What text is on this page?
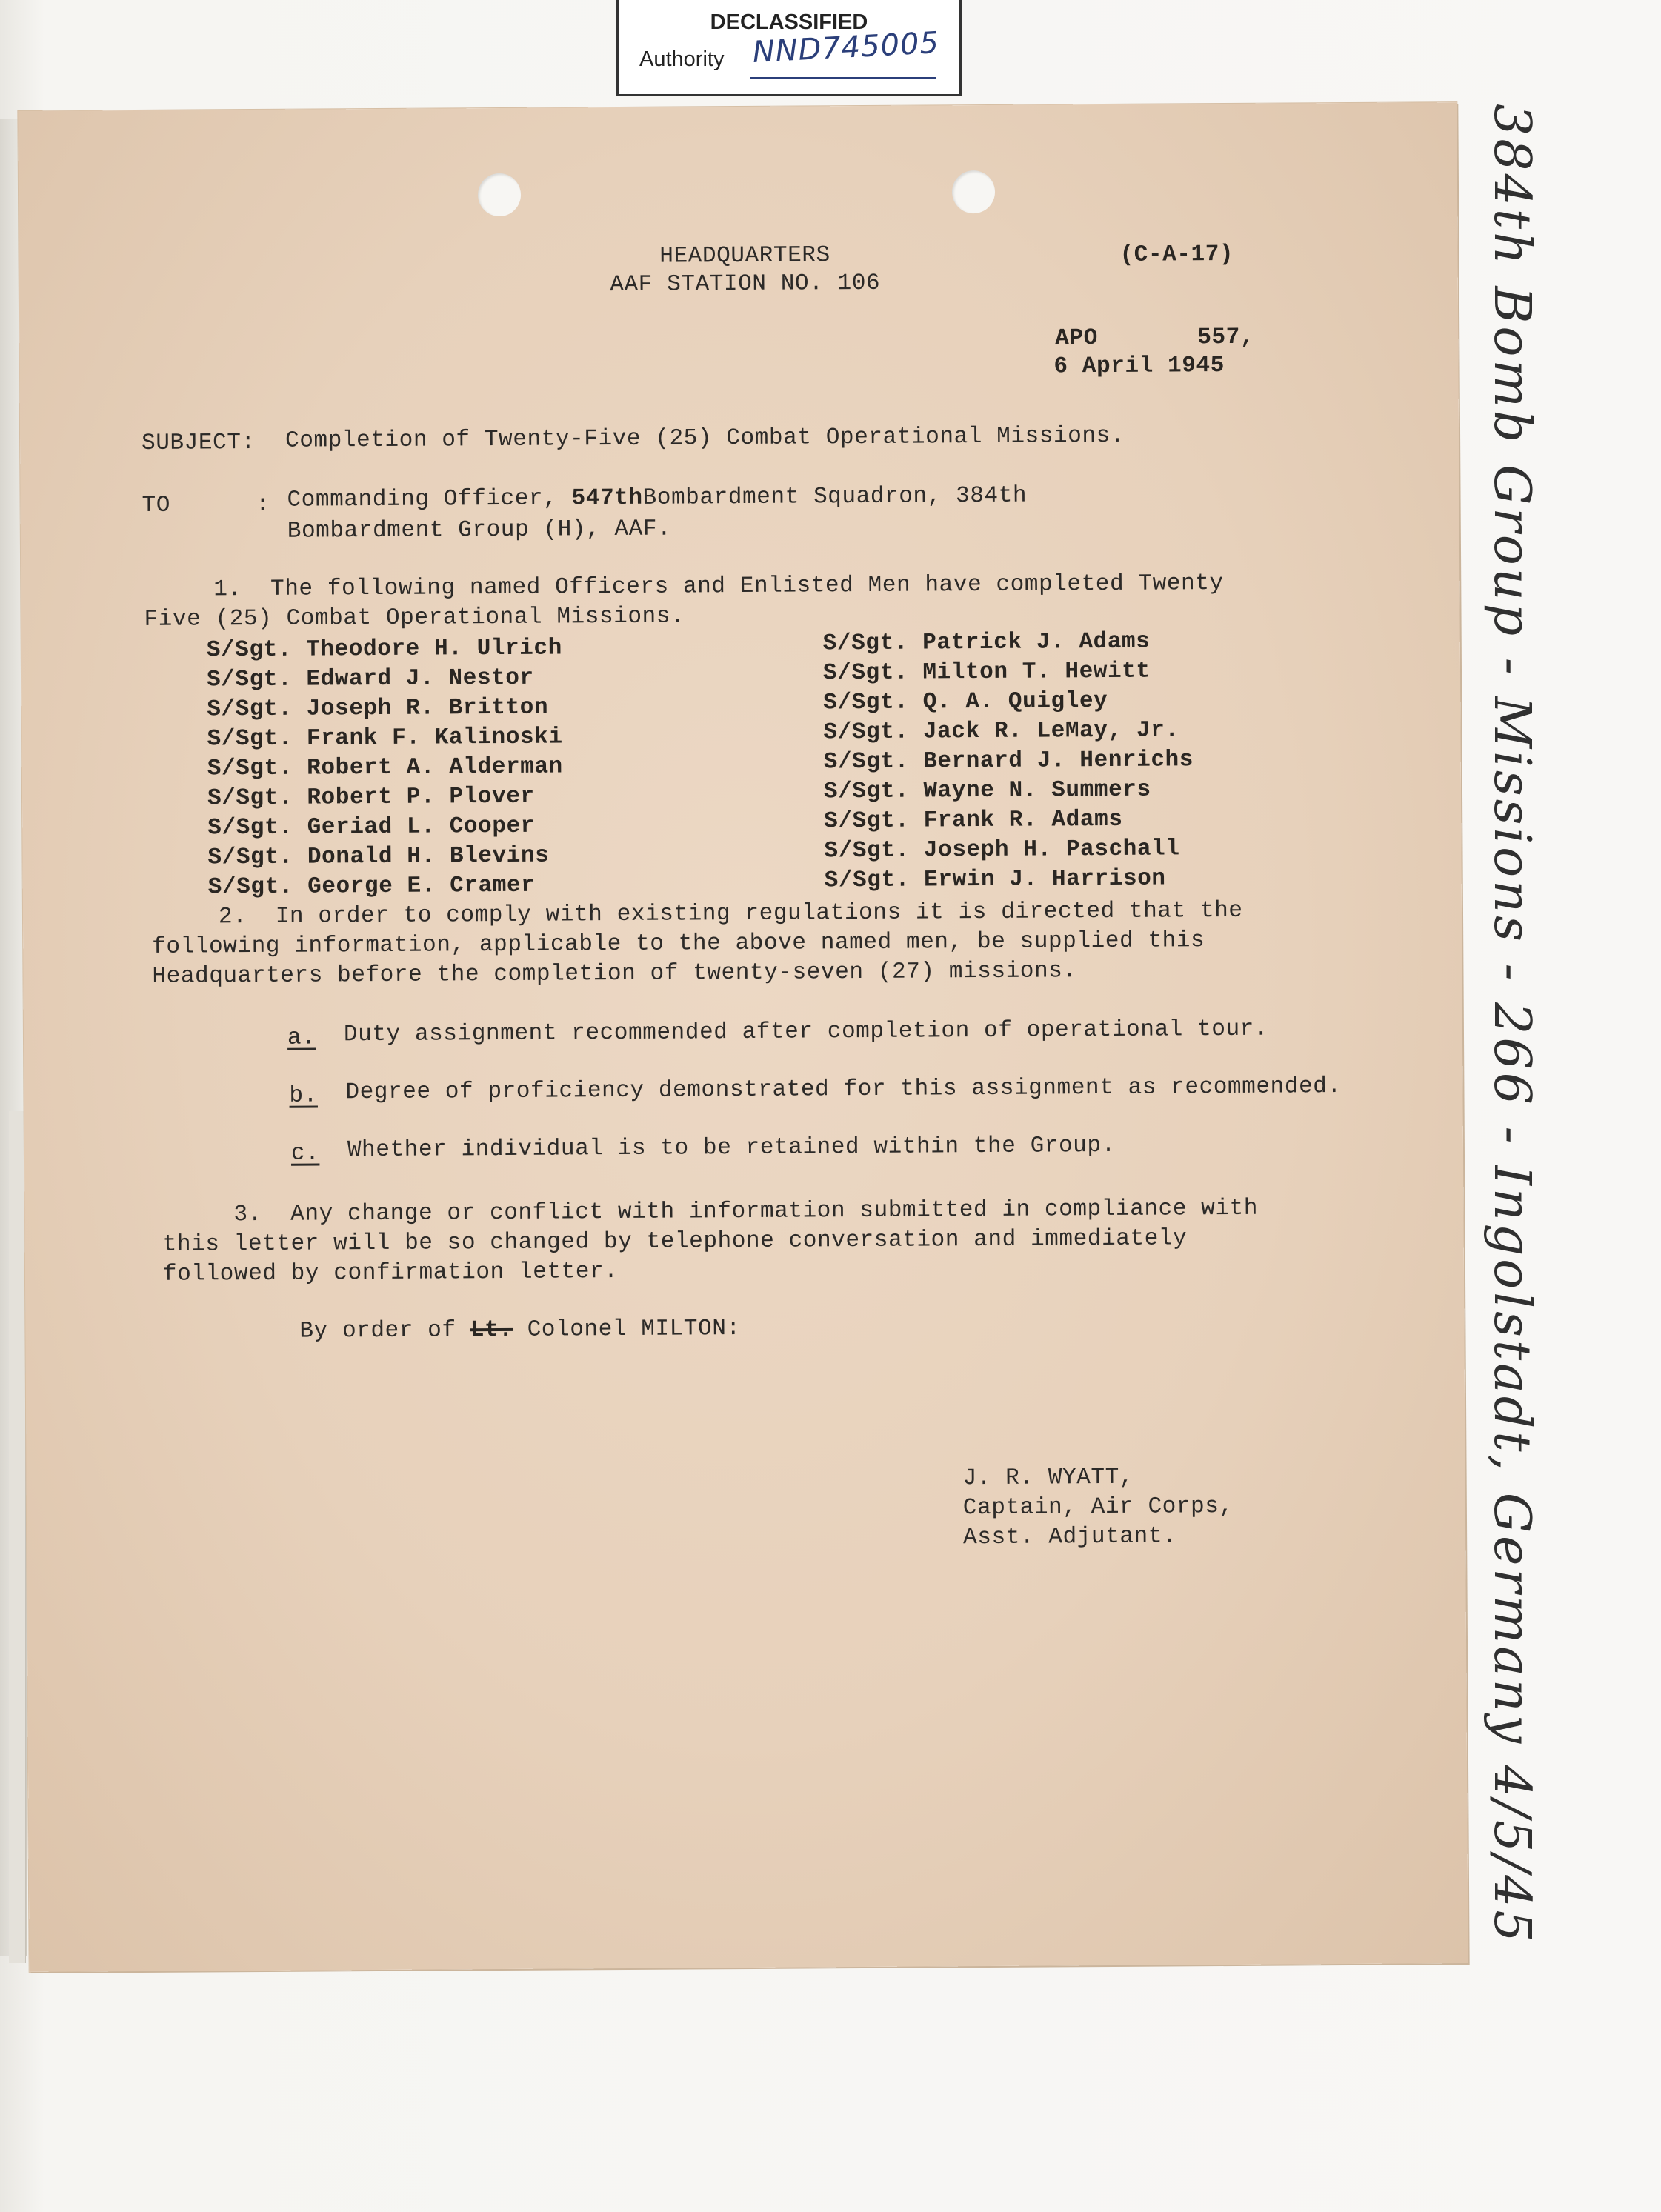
DECLASSIFIED
Authority NND745005
HEADQUARTERS
AAF STATION NO. 106
(C-A-17)
APO       557,
6 April 1945
SUBJECT: Completion of Twenty-Five (25) Combat Operational Missions.
TO      : Commanding Officer, 547thBombardment Squadron, 384th
Bombardment Group (H), AAF.
1.  The following named Officers and Enlisted Men have completed Twenty
Five (25) Combat Operational Missions.
S/Sgt. Theodore H. Ulrich
S/Sgt. Edward J. Nestor
S/Sgt. Joseph R. Britton
S/Sgt. Frank F. Kalinoski
S/Sgt. Robert A. Alderman
S/Sgt. Robert P. Plover
S/Sgt. Geriad L. Cooper
S/Sgt. Donald H. Blevins
S/Sgt. George E. Cramer
S/Sgt. Patrick J. Adams
S/Sgt. Milton T. Hewitt
S/Sgt. Q. A. Quigley
S/Sgt. Jack R. LeMay, Jr.
S/Sgt. Bernard J. Henrichs
S/Sgt. Wayne N. Summers
S/Sgt. Frank R. Adams
S/Sgt. Joseph H. Paschall
S/Sgt. Erwin J. Harrison
2.  In order to comply with existing regulations it is directed that the
following information, applicable to the above named men, be supplied this
Headquarters before the completion of twenty-seven (27) missions.
a. Duty assignment recommended after completion of operational tour.
b. Degree of proficiency demonstrated for this assignment as recommended.
c. Whether individual is to be retained within the Group.
3.  Any change or conflict with information submitted in compliance with
this letter will be so changed by telephone conversation and immediately
followed by confirmation letter.
By order of Lt. Colonel MILTON:
J. R. WYATT,
Captain, Air Corps,
Asst. Adjutant.	384th Bomb Group - Missions - 266 - Ingolstadt, Germany 4/5/45
